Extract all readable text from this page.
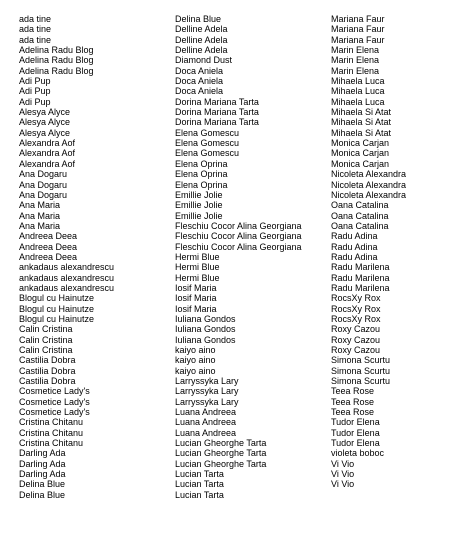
ada tine
ada tine
ada tine
Adelina Radu Blog
Adelina Radu Blog
Adelina Radu Blog
Adi Pup
Adi Pup
Adi Pup
Alesya Alyce
Alesya Alyce
Alesya Alyce
Alexandra Aof
Alexandra Aof
Alexandra Aof
Ana Dogaru
Ana Dogaru
Ana Dogaru
Ana Maria
Ana Maria
Ana Maria
Andreea Deea
Andreea Deea
Andreea Deea
ankadaus alexandrescu
ankadaus alexandrescu
ankadaus alexandrescu
Blogul cu Hainutze
Blogul cu Hainutze
Blogul cu Hainutze
Calin Cristina
Calin Cristina
Calin Cristina
Castilia Dobra
Castilia Dobra
Castilia Dobra
Cosmetice Lady's
Cosmetice Lady's
Cosmetice Lady's
Cristina Chitanu
Cristina Chitanu
Cristina Chitanu
Darling Ada
Darling Ada
Darling Ada
Delina Blue
Delina Blue
Delina Blue
Delline Adela
Delline Adela
Delline Adela
Diamond Dust
Doca Aniela
Doca Aniela
Doca Aniela
Dorina Mariana Tarta
Dorina Mariana Tarta
Dorina Mariana Tarta
Elena Gomescu
Elena Gomescu
Elena Gomescu
Elena Oprina
Elena Oprina
Elena Oprina
Emillie Jolie
Emillie Jolie
Emillie Jolie
Fleschiu Cocor Alina Georgiana
Fleschiu Cocor Alina Georgiana
Fleschiu Cocor Alina Georgiana
Hermi Blue
Hermi Blue
Hermi Blue
Iosif Maria
Iosif Maria
Iosif Maria
Iuliana Gondos
Iuliana Gondos
Iuliana Gondos
kaiyo aino
kaiyo aino
kaiyo aino
Larryssyka Lary
Larryssyka Lary
Larryssyka Lary
Luana Andreea
Luana Andreea
Luana Andreea
Lucian Gheorghe Tarta
Lucian Gheorghe Tarta
Lucian Gheorghe Tarta
Lucian Tarta
Lucian Tarta
Lucian Tarta
Mariana Faur
Mariana Faur
Mariana Faur
Marin Elena
Marin Elena
Marin Elena
Mihaela Luca
Mihaela Luca
Mihaela Luca
Mihaela Si Atat
Mihaela Si Atat
Mihaela Si Atat
Monica Carjan
Monica Carjan
Monica Carjan
Nicoleta Alexandra
Nicoleta Alexandra
Nicoleta Alexandra
Oana Catalina
Oana Catalina
Oana Catalina
Radu Adina
Radu Adina
Radu Adina
Radu Marilena
Radu Marilena
Radu Marilena
RocsXy Rox
RocsXy Rox
RocsXy Rox
Roxy Cazou
Roxy Cazou
Roxy Cazou
Simona Scurtu
Simona Scurtu
Simona Scurtu
Teea Rose
Teea Rose
Teea Rose
Tudor Elena
Tudor Elena
Tudor Elena
violeta boboc
Vi Vio
Vi Vio
Vi Vio
